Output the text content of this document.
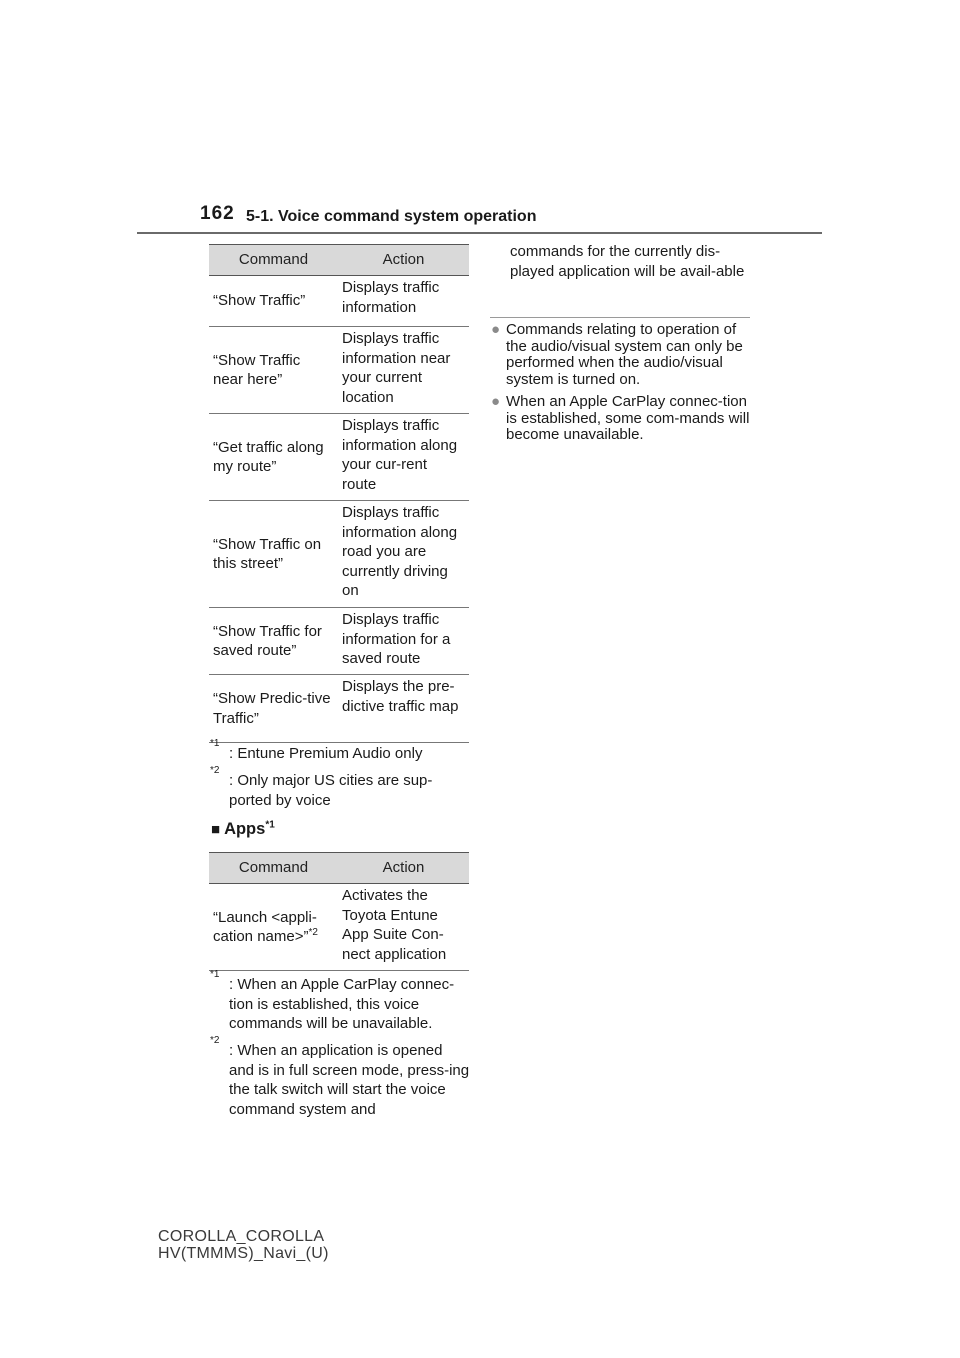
162 5-1. Voice command system operation
Command	Action
“Show Traffic”	Displays traffic information
“Show Traffic near here”	Displays traffic information near your current location
“Get traffic along my route”	Displays traffic information along your cur-rent route
“Show Traffic on this street”	Displays traffic information along road you are currently driving on
“Show Traffic for saved route”	Displays traffic information for a saved route
“Show Predic-tive Traffic”	Displays the pre-dictive traffic map
*1
: Entune Premium Audio only
*2
: Only major US cities are sup-ported by voice
■ Apps$^{*1}$
Command	Action
“Launch <appli-cation name>”$^{*2}$	Activates the Toyota Entune App Suite Con-nect application
*1
: When an Apple CarPlay connec-tion is established, this voice commands will be unavailable.
*2
: When an application is opened and is in full screen mode, press-ing the talk switch will start the voice command system and
commands for the currently dis-played application will be avail-able
● Commands relating to operation of the audio/visual system can only be performed when the audio/visual system is turned on.
● When an Apple CarPlay connec-tion is established, some com-mands will become unavailable.
COROLLA_COROLLA
HV(TMMMS)_Navi_(U)
